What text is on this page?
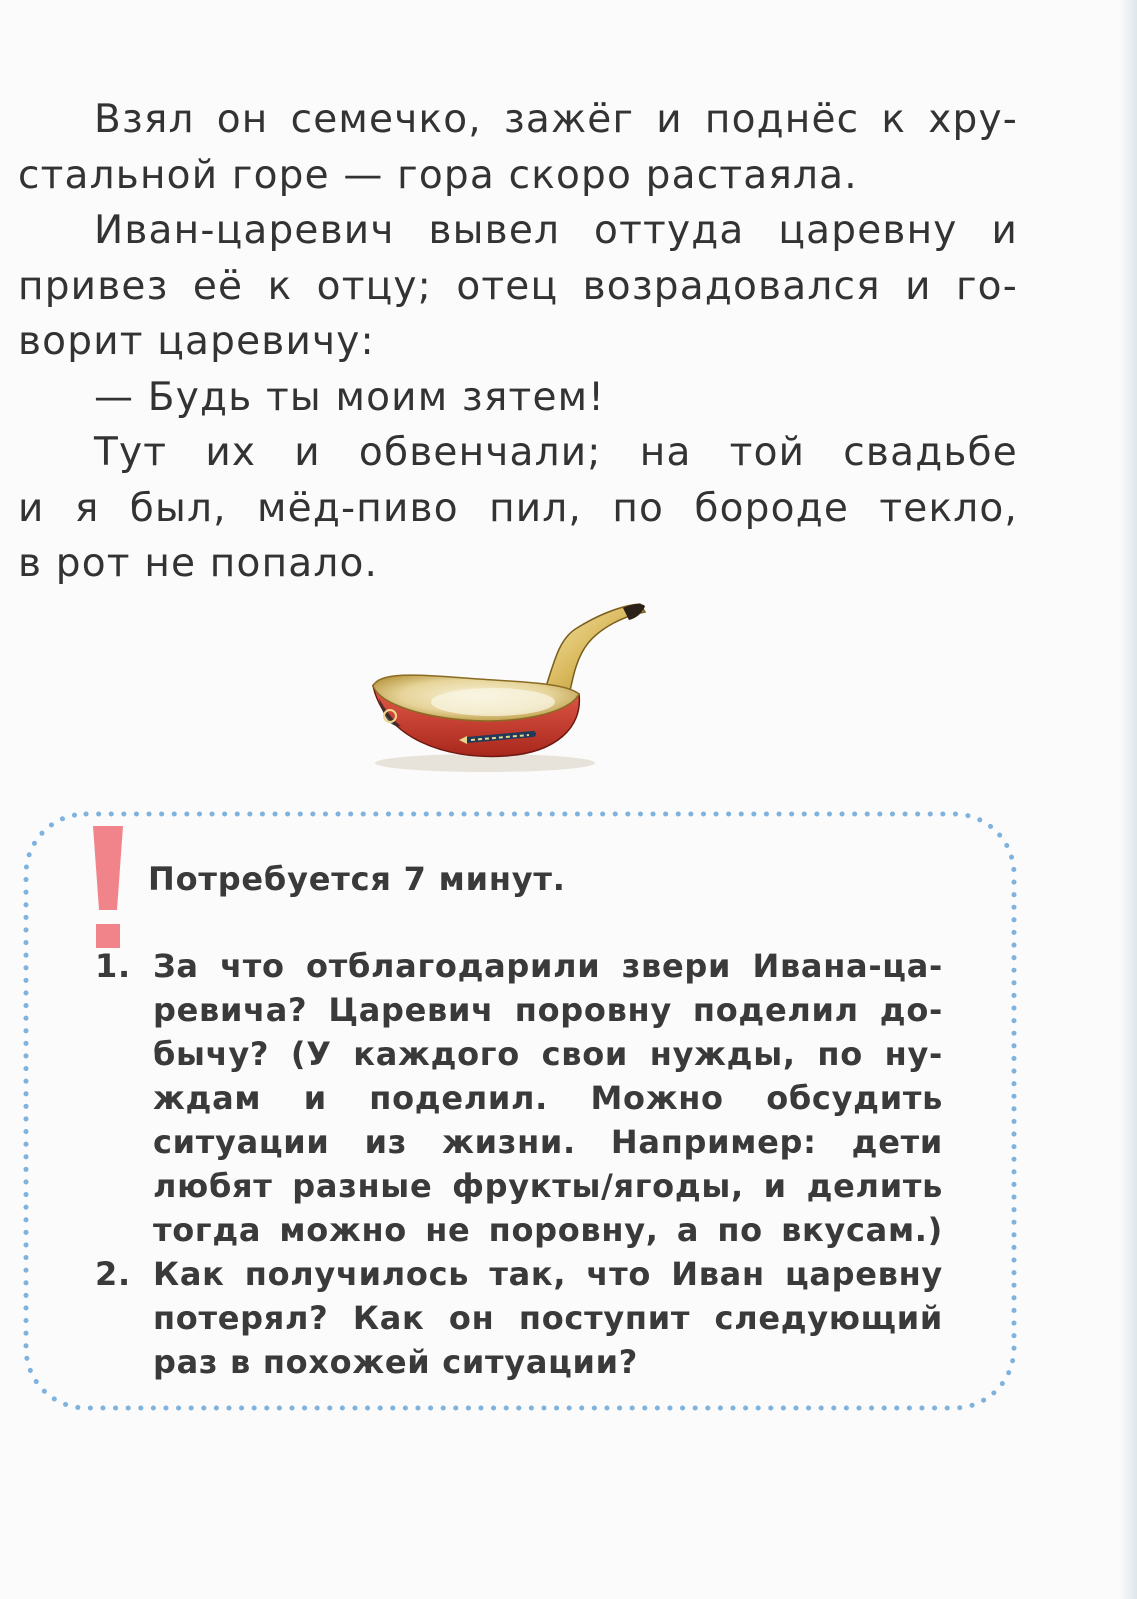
Взял он семечко, зажёг и поднёс к хру-
стальной горе — гора скоро растаяла.
Иван-царевич вывел оттуда царевну и
привез её к отцу; отец возрадовался и го-
ворит царевичу:
— Будь ты моим зятем!
Тут их и обвенчали; на той свадьбе
и я был, мёд-пиво пил, по бороде текло,
в рот не попало.
Потребуется 7 минут.
1. За что отблагодарили звери Ивана-ца-
ревича? Царевич поровну поделил до-
бычу? (У каждого свои нужды, по ну-
ждам и поделил. Можно обсудить
ситуации из жизни. Например: дети
любят разные фрукты/ягоды, и делить
тогда можно не поровну, а по вкусам.)
2. Как получилось так, что Иван царевну
потерял? Как он поступит следующий
раз в похожей ситуации?
